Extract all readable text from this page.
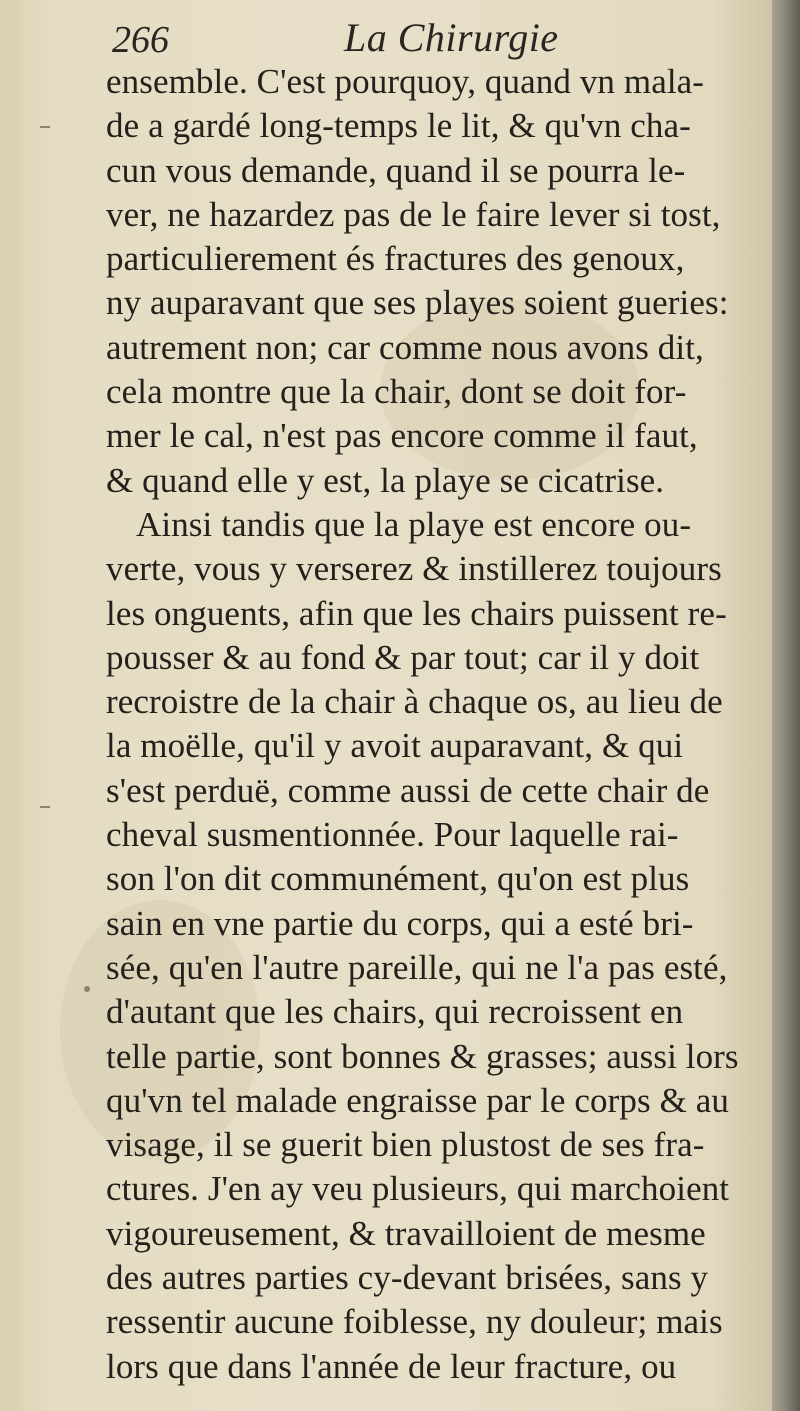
266	La Chirurgie
ensemble. C'est pourquoy, quand vn mala-
de a gardé long-temps le lit, & qu'vn cha-
cun vous demande, quand il se pourra le-
ver, ne hazardez pas de le faire lever si tost,
particulierement és fractures des genoux,
ny auparavant que ses playes soient gueries:
autrement non; car comme nous avons dit,
cela montre que la chair, dont se doit for-
mer le cal, n'est pas encore comme il faut,
& quand elle y est, la playe se cicatrise.
Ainsi tandis que la playe est encore ou-
verte, vous y verserez & instillerez toujours
les onguents, afin que les chairs puissent re-
pousser & au fond & par tout; car il y doit
recroistre de la chair à chaque os, au lieu de
la moëlle, qu'il y avoit auparavant, & qui
s'est perduë, comme aussi de cette chair de
cheval susmentionnée. Pour laquelle rai-
son l'on dit communément, qu'on est plus
sain en vne partie du corps, qui a esté bri-
sée, qu'en l'autre pareille, qui ne l'a pas esté,
d'autant que les chairs, qui recroissent en
telle partie, sont bonnes & grasses; aussi lors
qu'vn tel malade engraisse par le corps & au
visage, il se guerit bien plustost de ses fra-
ctures. J'en ay veu plusieurs, qui marchoient
vigoureusement, & travailloient de mesme
des autres parties cy-devant brisées, sans y
ressentir aucune foiblesse, ny douleur; mais
lors que dans l'année de leur fracture, ou
